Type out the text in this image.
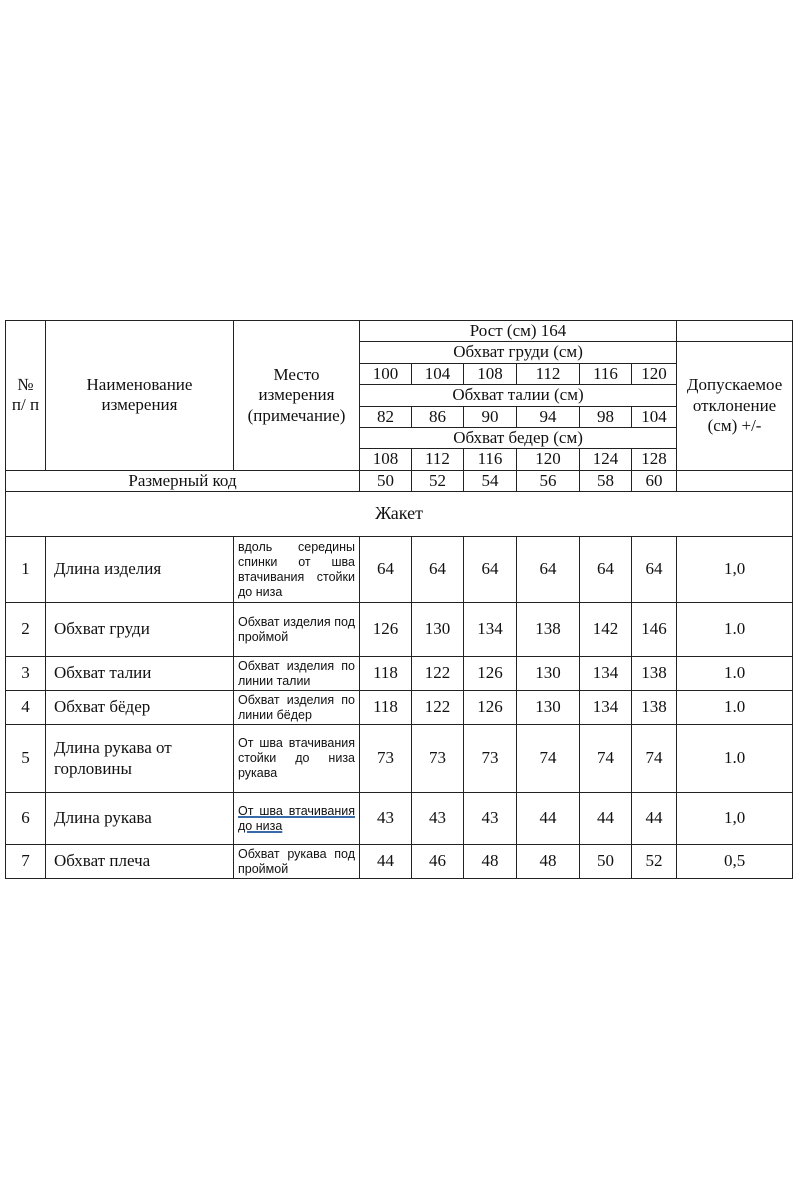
№ п/ п	Наименование измерения	Место измерения (примечание)	Рост (см) 164						
			Обхват груди (см)						Допускаемое отклонение (см) +/-
			100	104	108	112	116	120	
			Обхват талии (см)						
			82	86	90	94	98	104	
			Обхват бедер (см)						
			108	112	116	120	124	128	
Размерный код			50	52	54	56	58	60	
Жакет									
1	Длина изделия	вдоль середины спинки от шва втачивания стойки до низа	64	64	64	64	64	64	1,0
2	Обхват груди	Обхват изделия под проймой	126	130	134	138	142	146	1.0
3	Обхват талии	Обхват изделия по линии талии	118	122	126	130	134	138	1.0
4	Обхват бёдер	Обхват изделия по линии бёдер	118	122	126	130	134	138	1.0
5	Длина рукава от горловины	От шва втачивания стойки до низа рукава	73	73	73	74	74	74	1.0
6	Длина рукава	От шва втачивания до низа	43	43	43	44	44	44	1,0
7	Обхват плеча	Обхват рукава под проймой	44	46	48	48	50	52	0,5
